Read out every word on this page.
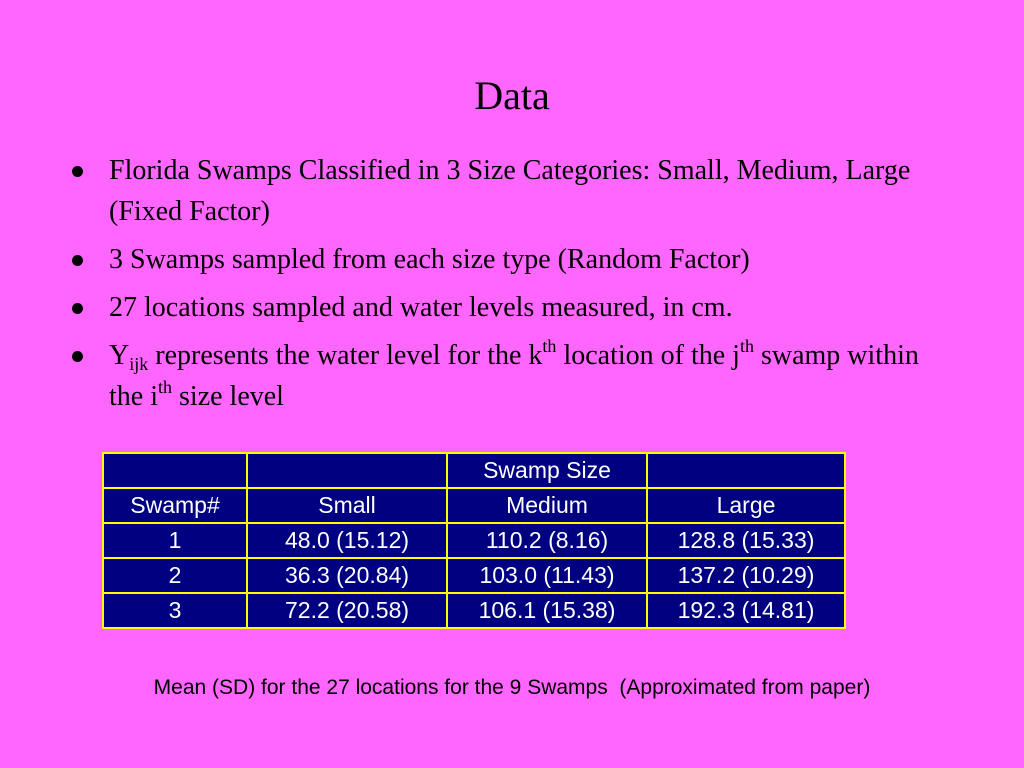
Data
Florida Swamps Classified in 3 Size Categories: Small, Medium, Large (Fixed Factor)
3 Swamps sampled from each size type (Random Factor)
27 locations sampled and water levels measured, in cm.
$Y_{ijk}$ represents the water level for the $k^{th}$ location of the $j^{th}$ swamp within the $i^{th}$ size level
		Swamp Size	
Swamp#	Small	Medium	Large
1	48.0 (15.12)	110.2 (8.16)	128.8 (15.33)
2	36.3 (20.84)	103.0 (11.43)	137.2 (10.29)
3	72.2 (20.58)	106.1 (15.38)	192.3 (14.81)
Mean (SD) for the 27 locations for the 9 Swamps  (Approximated from paper)
